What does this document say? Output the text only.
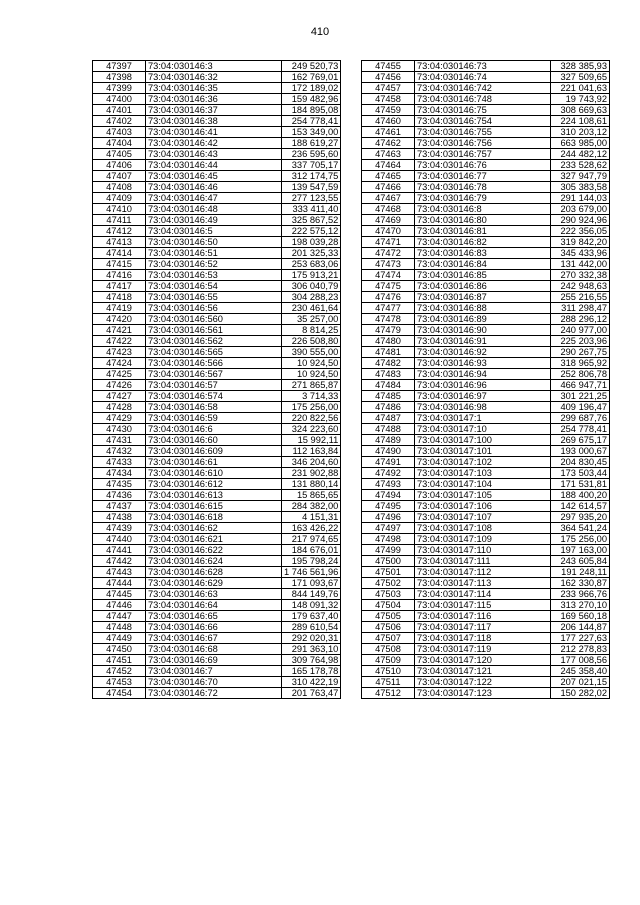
410
47397	73:04:030146:3	249 520,73
47398	73:04:030146:32	162 769,01
47399	73:04:030146:35	172 189,02
47400	73:04:030146:36	159 482,96
47401	73:04:030146:37	184 895,08
47402	73:04:030146:38	254 778,41
47403	73:04:030146:41	153 349,00
47404	73:04:030146:42	188 619,27
47405	73:04:030146:43	236 595,60
47406	73:04:030146:44	337 705,17
47407	73:04:030146:45	312 174,75
47408	73:04:030146:46	139 547,59
47409	73:04:030146:47	277 123,55
47410	73:04:030146:48	333 411,40
47411	73:04:030146:49	325 867,52
47412	73:04:030146:5	222 575,12
47413	73:04:030146:50	198 039,28
47414	73:04:030146:51	201 325,33
47415	73:04:030146:52	253 683,06
47416	73:04:030146:53	175 913,21
47417	73:04:030146:54	306 040,79
47418	73:04:030146:55	304 288,23
47419	73:04:030146:56	230 461,64
47420	73:04:030146:560	35 257,00
47421	73:04:030146:561	8 814,25
47422	73:04:030146:562	226 508,80
47423	73:04:030146:565	390 555,00
47424	73:04:030146:566	10 924,50
47425	73:04:030146:567	10 924,50
47426	73:04:030146:57	271 865,87
47427	73:04:030146:574	3 714,33
47428	73:04:030146:58	175 256,00
47429	73:04:030146:59	220 822,56
47430	73:04:030146:6	324 223,60
47431	73:04:030146:60	15 992,11
47432	73:04:030146:609	112 163,84
47433	73:04:030146:61	346 204,60
47434	73:04:030146:610	231 902,88
47435	73:04:030146:612	131 880,14
47436	73:04:030146:613	15 865,65
47437	73:04:030146:615	284 382,00
47438	73:04:030146:618	4 151,31
47439	73:04:030146:62	163 426,22
47440	73:04:030146:621	217 974,65
47441	73:04:030146:622	184 676,01
47442	73:04:030146:624	195 798,24
47443	73:04:030146:628	1 746 561,96
47444	73:04:030146:629	171 093,67
47445	73:04:030146:63	844 149,76
47446	73:04:030146:64	148 091,32
47447	73:04:030146:65	179 637,40
47448	73:04:030146:66	289 610,54
47449	73:04:030146:67	292 020,31
47450	73:04:030146:68	291 363,10
47451	73:04:030146:69	309 764,98
47452	73:04:030146:7	165 178,78
47453	73:04:030146:70	310 422,19
47454	73:04:030146:72	201 763,47
47455	73:04:030146:73	328 385,93
47456	73:04:030146:74	327 509,65
47457	73:04:030146:742	221 041,63
47458	73:04:030146:748	19 743,92
47459	73:04:030146:75	308 669,63
47460	73:04:030146:754	224 108,61
47461	73:04:030146:755	310 203,12
47462	73:04:030146:756	663 985,00
47463	73:04:030146:757	244 482,12
47464	73:04:030146:76	233 528,62
47465	73:04:030146:77	327 947,79
47466	73:04:030146:78	305 383,58
47467	73:04:030146:79	291 144,03
47468	73:04:030146:8	203 679,00
47469	73:04:030146:80	290 924,96
47470	73:04:030146:81	222 356,05
47471	73:04:030146:82	319 842,20
47472	73:04:030146:83	345 433,96
47473	73:04:030146:84	131 442,00
47474	73:04:030146:85	270 332,38
47475	73:04:030146:86	242 948,63
47476	73:04:030146:87	255 216,55
47477	73:04:030146:88	311 298,47
47478	73:04:030146:89	288 296,12
47479	73:04:030146:90	240 977,00
47480	73:04:030146:91	225 203,96
47481	73:04:030146:92	290 267,75
47482	73:04:030146:93	318 965,92
47483	73:04:030146:94	252 806,78
47484	73:04:030146:96	466 947,71
47485	73:04:030146:97	301 221,25
47486	73:04:030146:98	409 196,47
47487	73:04:030147:1	299 687,76
47488	73:04:030147:10	254 778,41
47489	73:04:030147:100	269 675,17
47490	73:04:030147:101	193 000,67
47491	73:04:030147:102	204 830,45
47492	73:04:030147:103	173 503,44
47493	73:04:030147:104	171 531,81
47494	73:04:030147:105	188 400,20
47495	73:04:030147:106	142 614,57
47496	73:04:030147:107	297 935,20
47497	73:04:030147:108	364 541,24
47498	73:04:030147:109	175 256,00
47499	73:04:030147:110	197 163,00
47500	73:04:030147:111	243 605,84
47501	73:04:030147:112	191 248,11
47502	73:04:030147:113	162 330,87
47503	73:04:030147:114	233 966,76
47504	73:04:030147:115	313 270,10
47505	73:04:030147:116	169 560,18
47506	73:04:030147:117	206 144,87
47507	73:04:030147:118	177 227,63
47508	73:04:030147:119	212 278,83
47509	73:04:030147:120	177 008,56
47510	73:04:030147:121	245 358,40
47511	73:04:030147:122	207 021,15
47512	73:04:030147:123	150 282,02
